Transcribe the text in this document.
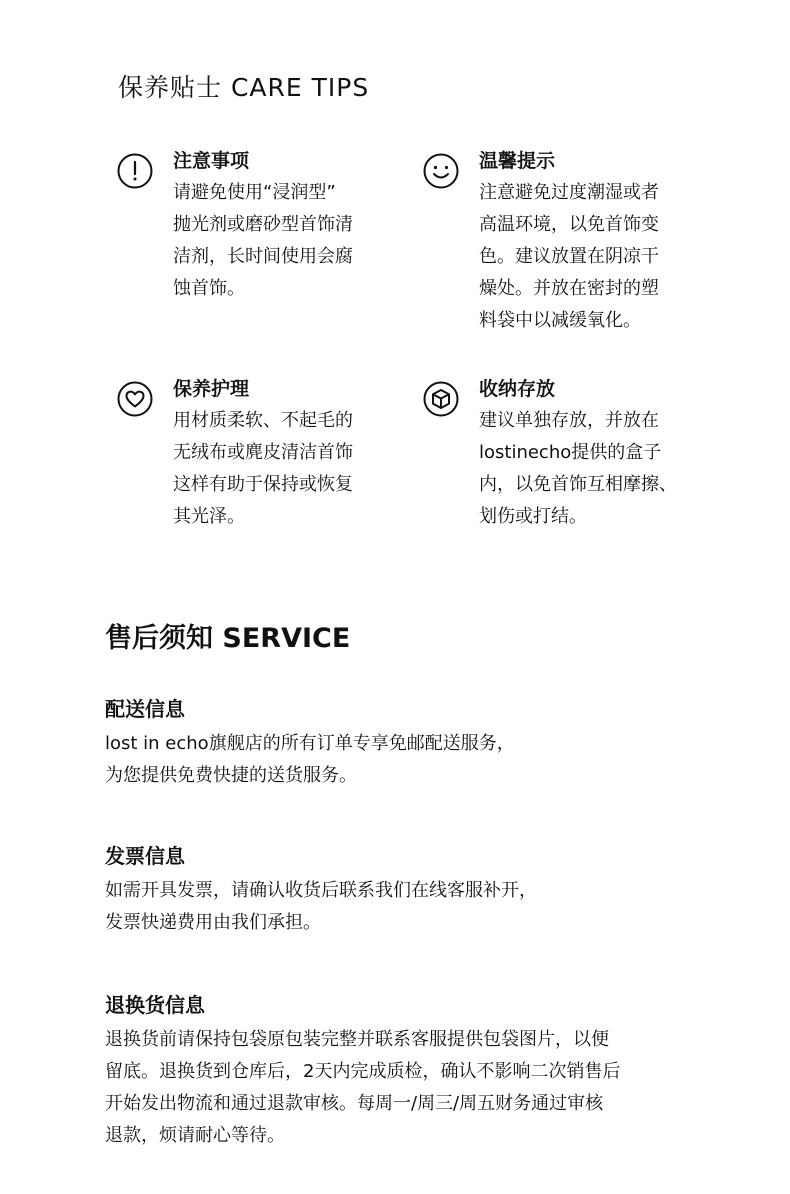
保养贴士 CARE TIPS
注意事项
请避免使用“浸润型”
抛光剂或磨砂型首饰清
洁剂，长时间使用会腐
蚀首饰。
温馨提示
注意避免过度潮湿或者
高温环境，以免首饰变
色。建议放置在阴凉干
燥处。并放在密封的塑
料袋中以减缓氧化。
保养护理
用材质柔软、不起毛的
无绒布或麂皮清洁首饰
这样有助于保持或恢复
其光泽。
收纳存放
建议单独存放，并放在
lostinecho提供的盒子
内，以免首饰互相摩擦、
划伤或打结。
售后须知 SERVICE
配送信息
lost in echo旗舰店的所有订单专享免邮配送服务，
为您提供免费快捷的送货服务。
发票信息
如需开具发票，请确认收货后联系我们在线客服补开，
发票快递费用由我们承担。
退换货信息
退换货前请保持包袋原包装完整并联系客服提供包袋图片，以便
留底。退换货到仓库后，2天内完成质检，确认不影响二次销售后
开始发出物流和通过退款审核。每周一/周三/周五财务通过审核
退款，烦请耐心等待。
